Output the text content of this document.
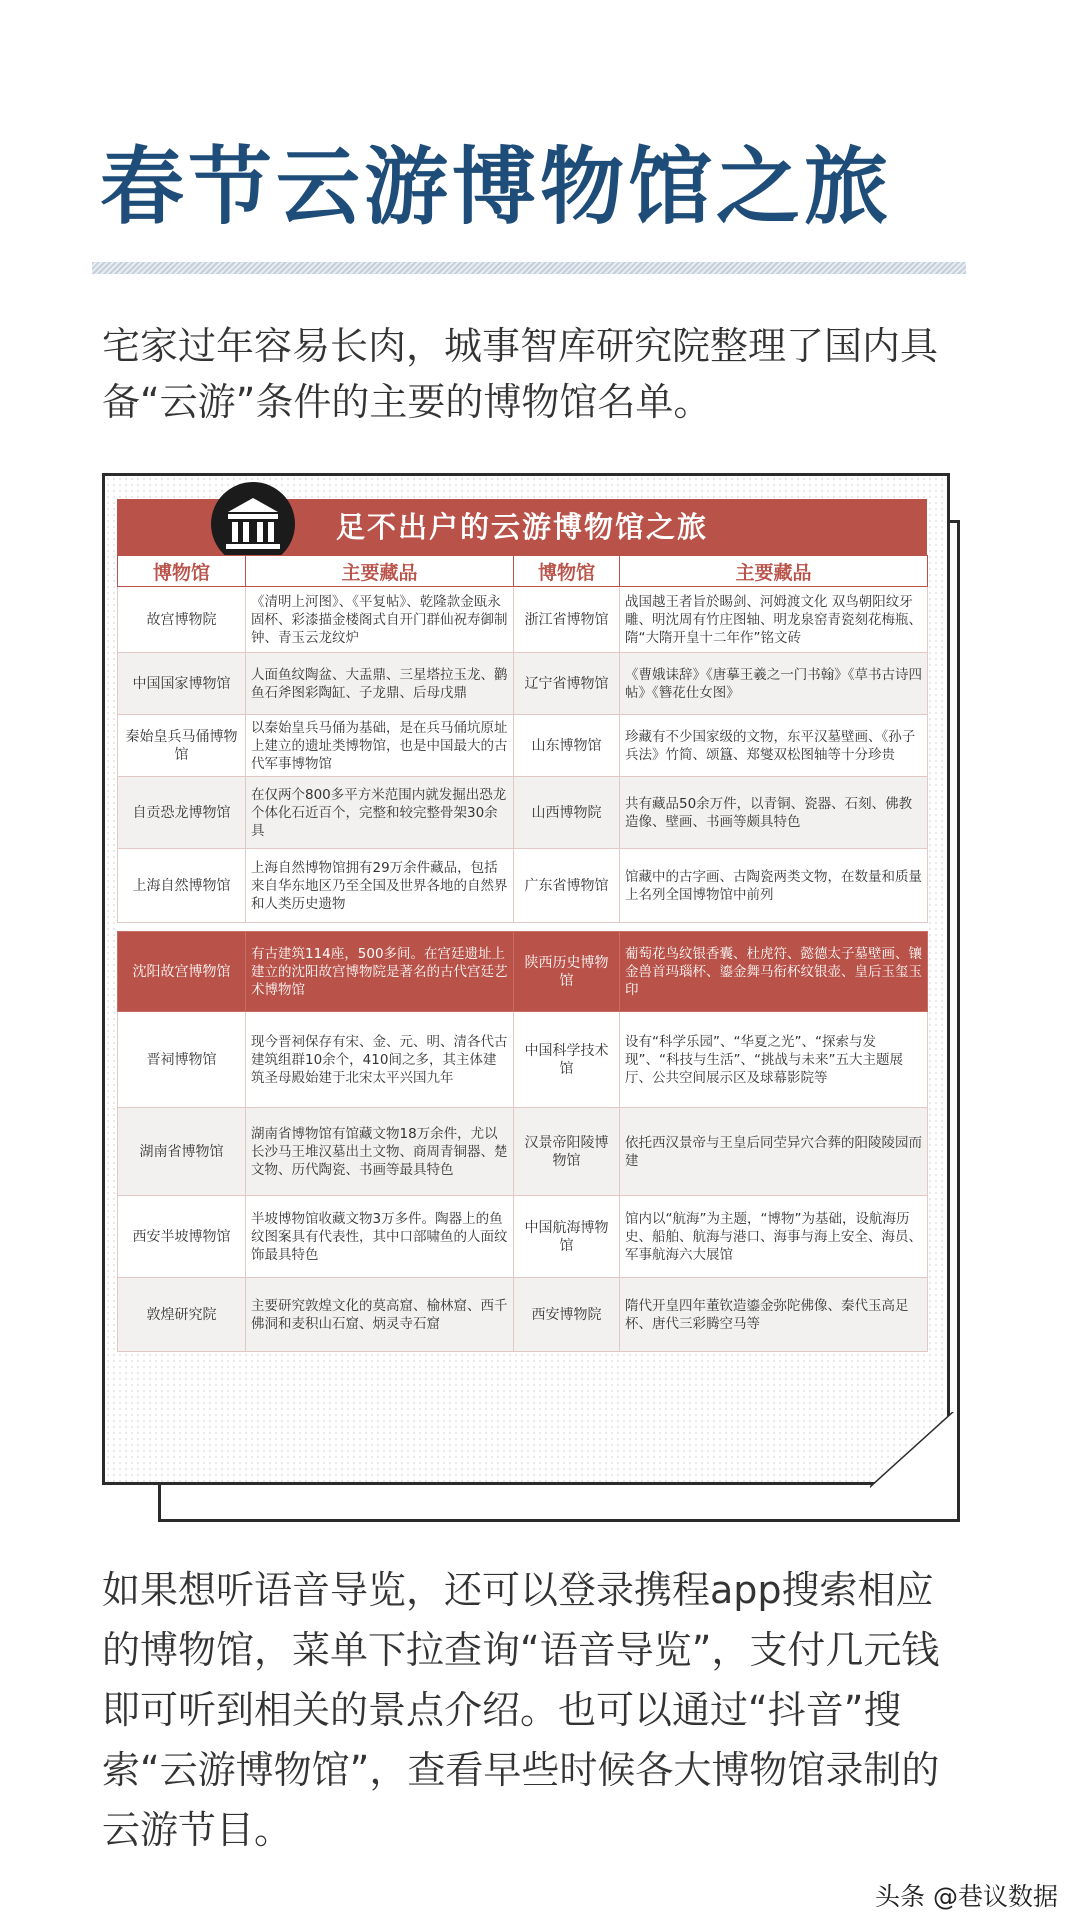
春节云游博物馆之旅
宅家过年容易长肉，城事智库研究院整理了国内具备“云游”条件的主要的博物馆名单。
足不出户的云游博物馆之旅
博物馆	主要藏品	博物馆	主要藏品
故宫博物院	《清明上河图》、《平复帖》、乾隆款金瓯永固杯、彩漆描金楼阁式自开门群仙祝寿御制钟、青玉云龙纹炉	浙江省博物馆	战国越王者旨於睗剑、河姆渡文化 双鸟朝阳纹牙雕、明沈周有竹庄图轴、明龙泉窑青瓷刻花梅瓶、隋“大隋开皇十二年作”铭文砖
中国国家博物馆	人面鱼纹陶盆、大盂鼎、三星塔拉玉龙、鹳鱼石斧图彩陶缸、子龙鼎、后母戊鼎	辽宁省博物馆	《曹娥诔辞》《唐摹王羲之一门书翰》《草书古诗四帖》《簪花仕女图》
秦始皇兵马俑博物馆	以秦始皇兵马俑为基础，是在兵马俑坑原址上建立的遗址类博物馆，也是中国最大的古代军事博物馆	山东博物馆	珍藏有不少国家级的文物，东平汉墓壁画、《孙子兵法》竹简、颂簋、郑燮双松图轴等十分珍贵
自贡恐龙博物馆	在仅两个800多平方米范围内就发掘出恐龙个体化石近百个，完整和较完整骨架30余具	山西博物院	共有藏品50余万件，以青铜、瓷器、石刻、佛教造像、壁画、书画等颇具特色
上海自然博物馆	上海自然博物馆拥有29万余件藏品，包括来自华东地区乃至全国及世界各地的自然界和人类历史遗物	广东省博物馆	馆藏中的古字画、古陶瓷两类文物，在数量和质量上名列全国博物馆中前列

沈阳故宫博物馆	有古建筑114座，500多间。在宫廷遗址上建立的沈阳故宫博物院是著名的古代宫廷艺术博物馆	陕西历史博物馆	葡萄花鸟纹银香囊、杜虎符、懿德太子墓壁画、镶金兽首玛瑙杯、鎏金舞马衔杯纹银壶、皇后玉玺玉印
晋祠博物馆	现今晋祠保存有宋、金、元、明、清各代古建筑组群10余个，410间之多，其主体建筑圣母殿始建于北宋太平兴国九年	中国科学技术馆	设有“科学乐园”、“华夏之光”、“探索与发现”、“科技与生活”、“挑战与未来”五大主题展厅、公共空间展示区及球幕影院等
湖南省博物馆	湖南省博物馆有馆藏文物18万余件，尤以长沙马王堆汉墓出土文物、商周青铜器、楚文物、历代陶瓷、书画等最具特色	汉景帝阳陵博物馆	依托西汉景帝与王皇后同茔异穴合葬的阳陵陵园而建
西安半坡博物馆	半坡博物馆收藏文物3万多件。陶器上的鱼纹图案具有代表性，其中口部啸鱼的人面纹饰最具特色	中国航海博物馆	馆内以“航海”为主题，“博物”为基础，设航海历史、船舶、航海与港口、海事与海上安全、海员、军事航海六大展馆
敦煌研究院	主要研究敦煌文化的莫高窟、榆林窟、西千佛洞和麦积山石窟、炳灵寺石窟	西安博物院	隋代开皇四年董钦造鎏金弥陀佛像、秦代玉高足杯、唐代三彩腾空马等
如果想听语音导览，还可以登录携程app搜索相应的博物馆，菜单下拉查询“语音导览”，支付几元钱即可听到相关的景点介绍。也可以通过“抖音”搜索“云游博物馆”，查看早些时候各大博物馆录制的云游节目。
头条 @巷议数据
